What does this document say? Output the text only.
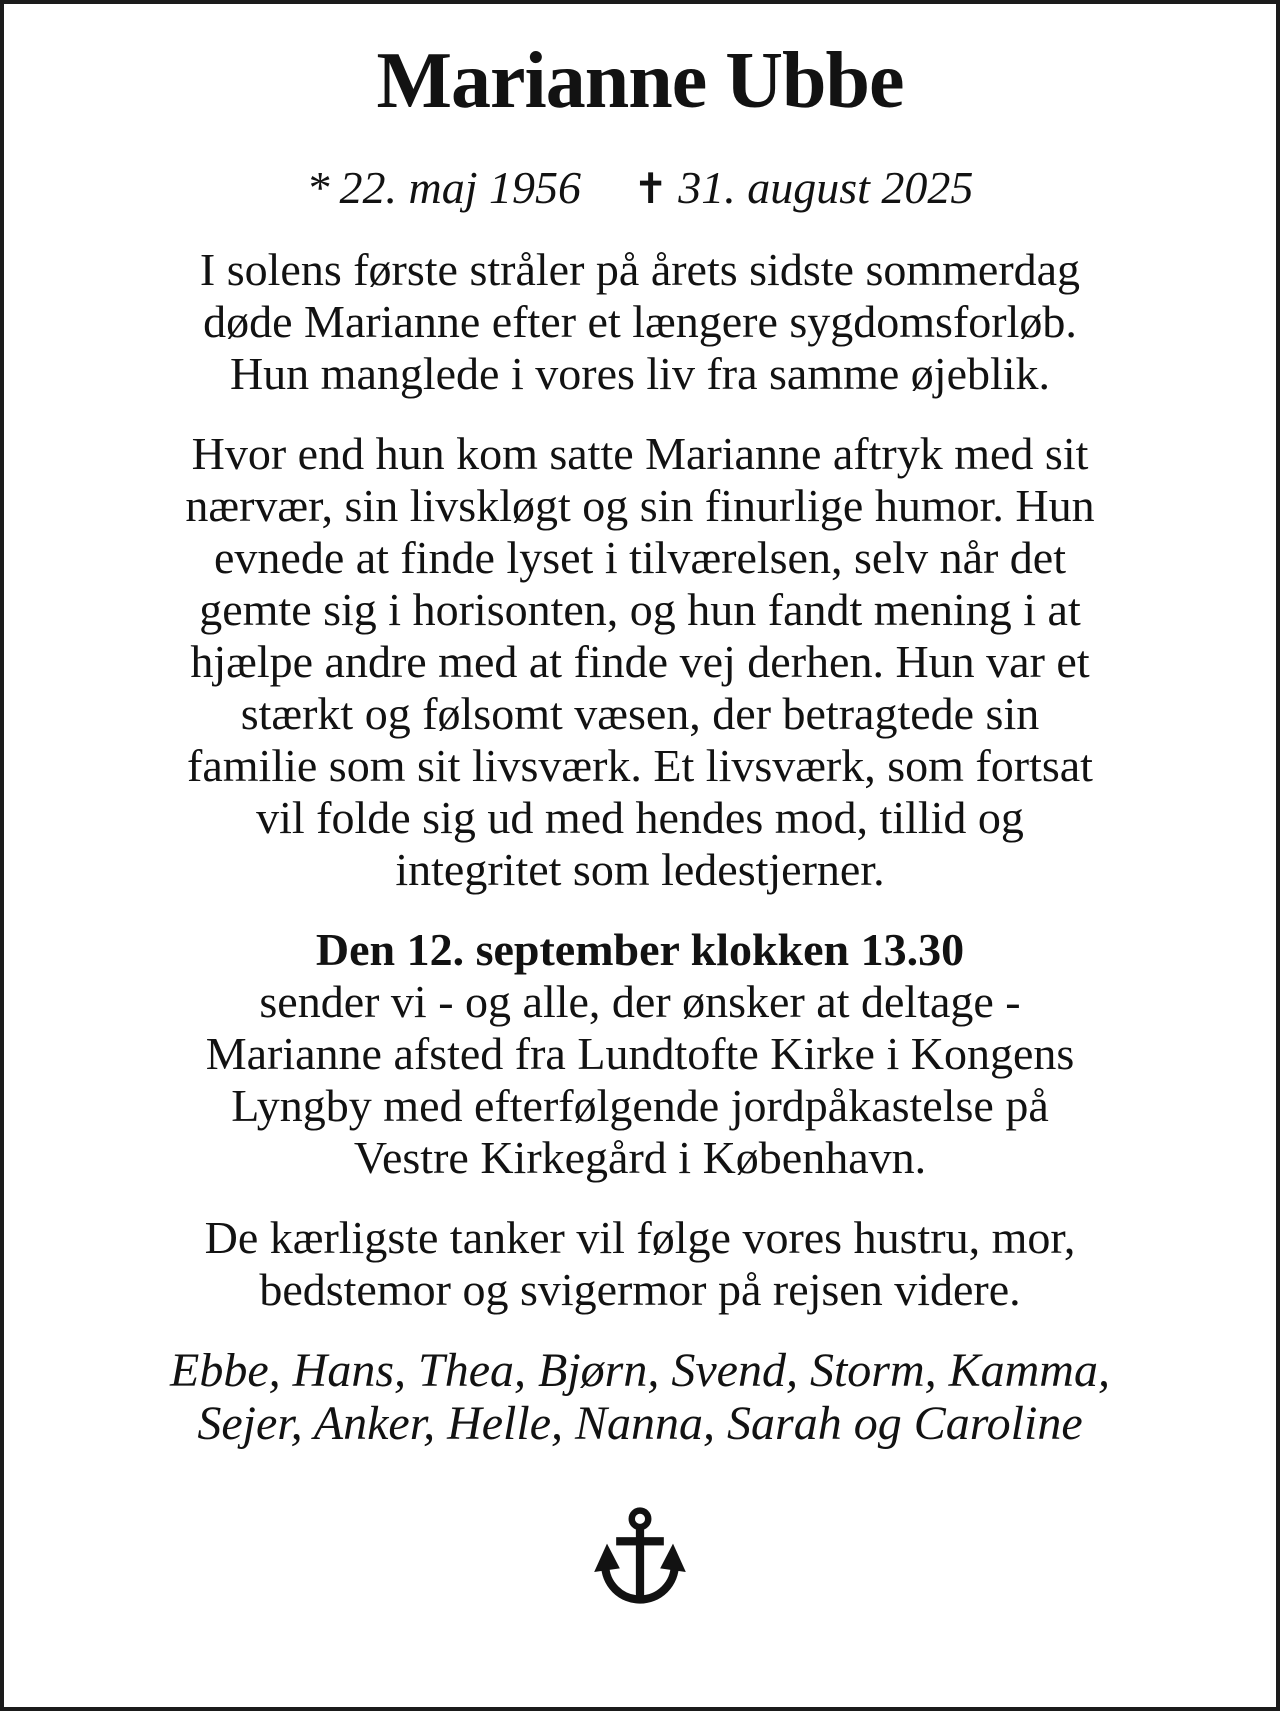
Marianne Ubbe
* 22. maj 1956 ✝ 31. august 2025
I solens første stråler på årets sidste sommerdag
døde Marianne efter et længere sygdomsforløb.
Hun manglede i vores liv fra samme øjeblik.
Hvor end hun kom satte Marianne aftryk med sit
nærvær, sin livskløgt og sin finurlige humor. Hun
evnede at finde lyset i tilværelsen, selv når det
gemte sig i horisonten, og hun fandt mening i at
hjælpe andre med at finde vej derhen. Hun var et
stærkt og følsomt væsen, der betragtede sin
familie som sit livsværk. Et livsværk, som fortsat
vil folde sig ud med hendes mod, tillid og
integritet som ledestjerner.
Den 12. september klokken 13.30
sender vi - og alle, der ønsker at deltage -
Marianne afsted fra Lundtofte Kirke i Kongens
Lyngby med efterfølgende jordpåkastelse på
Vestre Kirkegård i København.
De kærligste tanker vil følge vores hustru, mor,
bedstemor og svigermor på rejsen videre.
Ebbe, Hans, Thea, Bjørn, Svend, Storm, Kamma,
Sejer, Anker, Helle, Nanna, Sarah og Caroline
